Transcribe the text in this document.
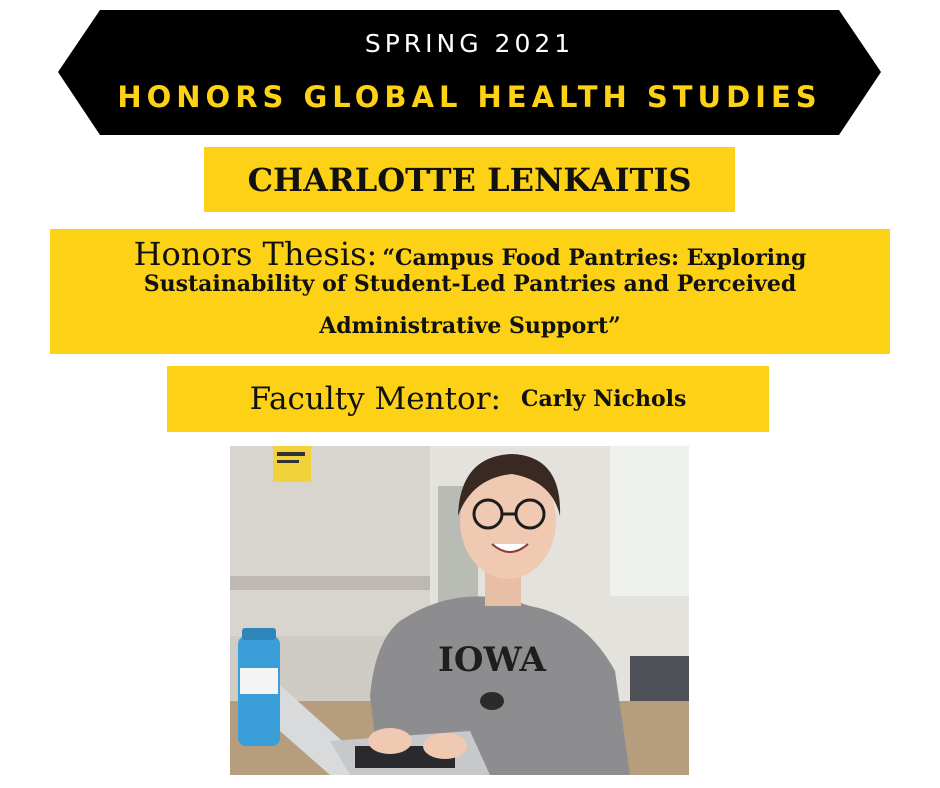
SPRING 2021
HONORS GLOBAL HEALTH STUDIES
CHARLOTTE LENKAITIS
Honors Thesis: “Campus Food Pantries: Exploring
Sustainability of Student-Led Pantries and Perceived
Administrative Support”
Faculty Mentor: Carly Nichols
IOWA
